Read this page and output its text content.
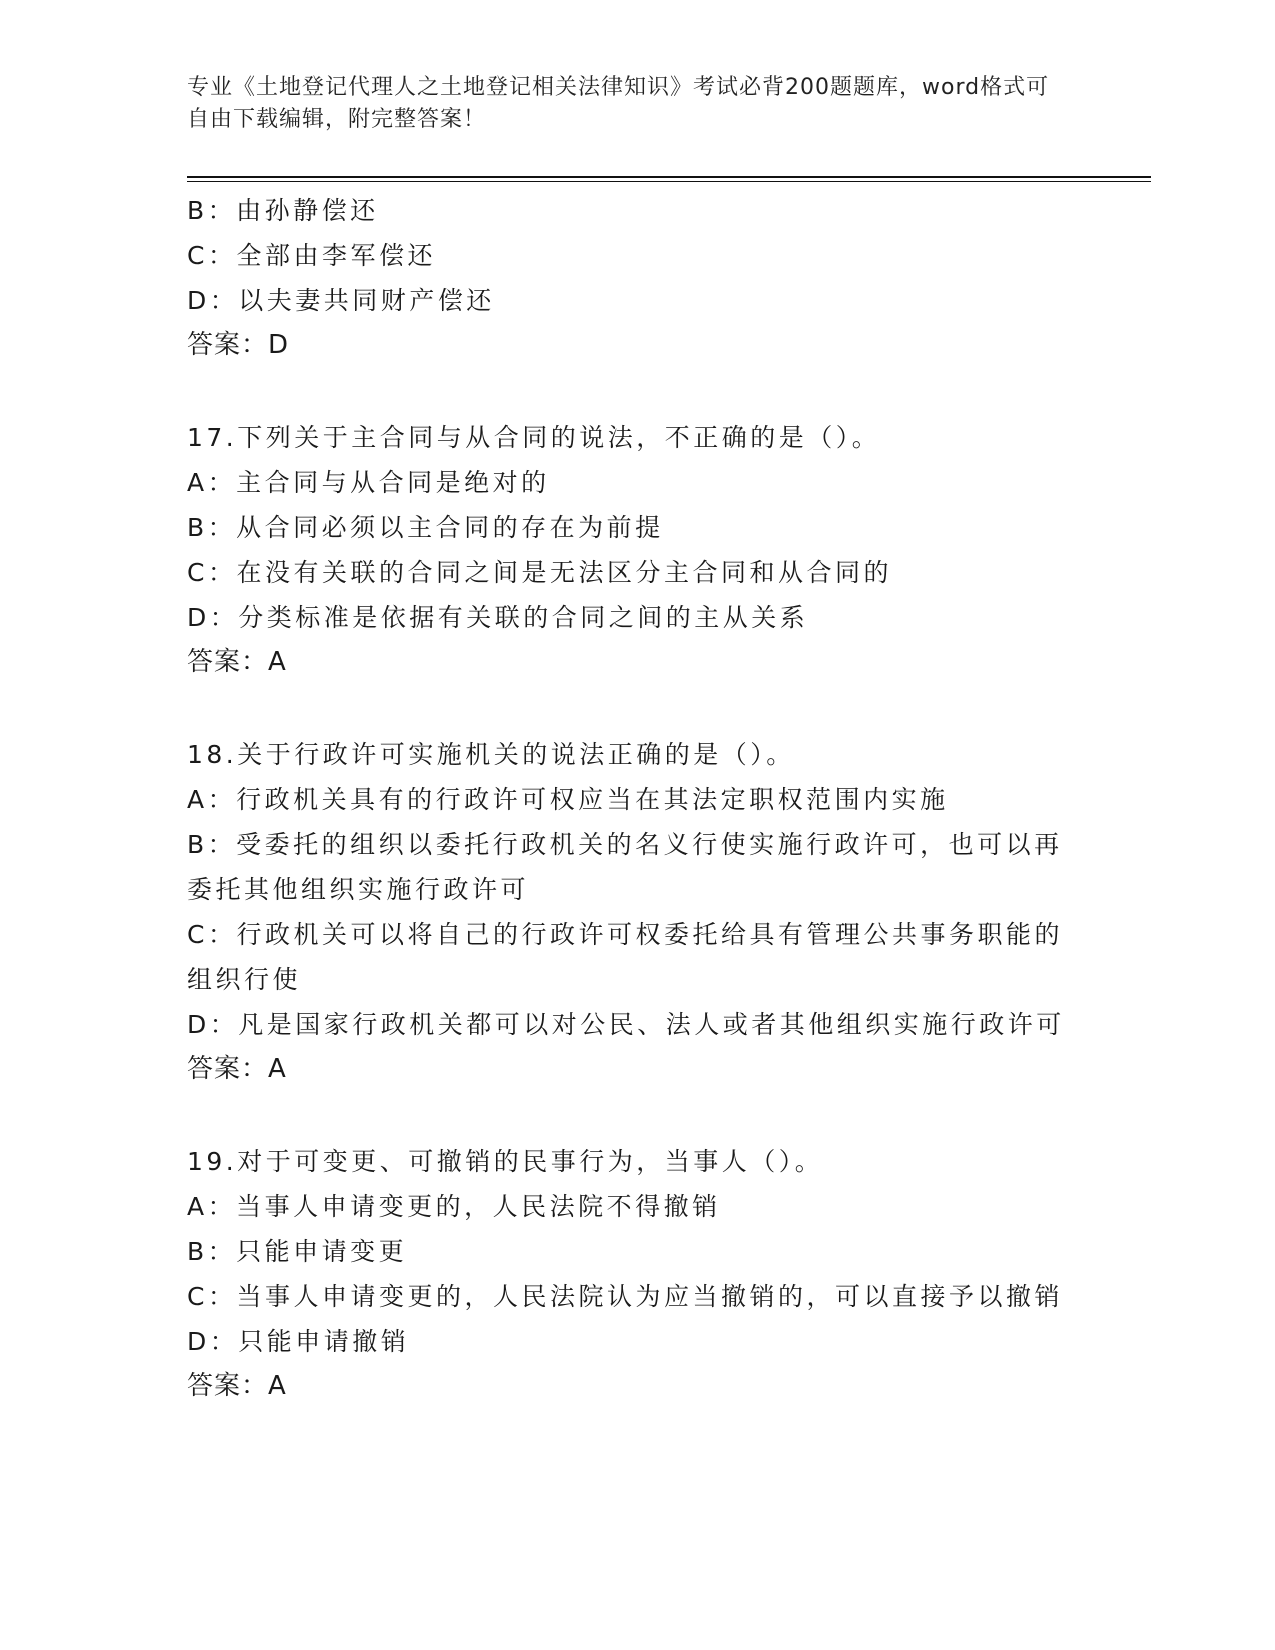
专业《土地登记代理人之土地登记相关法律知识》考试必背200题题库，word格式可自由下载编辑，附完整答案！
B：由孙静偿还
C：全部由李军偿还
D：以夫妻共同财产偿还
答案：D
17.下列关于主合同与从合同的说法，不正确的是（）。
A：主合同与从合同是绝对的
B：从合同必须以主合同的存在为前提
C：在没有关联的合同之间是无法区分主合同和从合同的
D：分类标准是依据有关联的合同之间的主从关系
答案：A
18.关于行政许可实施机关的说法正确的是（）。
A：行政机关具有的行政许可权应当在其法定职权范围内实施
B：受委托的组织以委托行政机关的名义行使实施行政许可，也可以再委托其他组织实施行政许可
C：行政机关可以将自己的行政许可权委托给具有管理公共事务职能的组织行使
D：凡是国家行政机关都可以对公民、法人或者其他组织实施行政许可
答案：A
19.对于可变更、可撤销的民事行为，当事人（）。
A：当事人申请变更的，人民法院不得撤销
B：只能申请变更
C：当事人申请变更的，人民法院认为应当撤销的，可以直接予以撤销
D：只能申请撤销
答案：A
